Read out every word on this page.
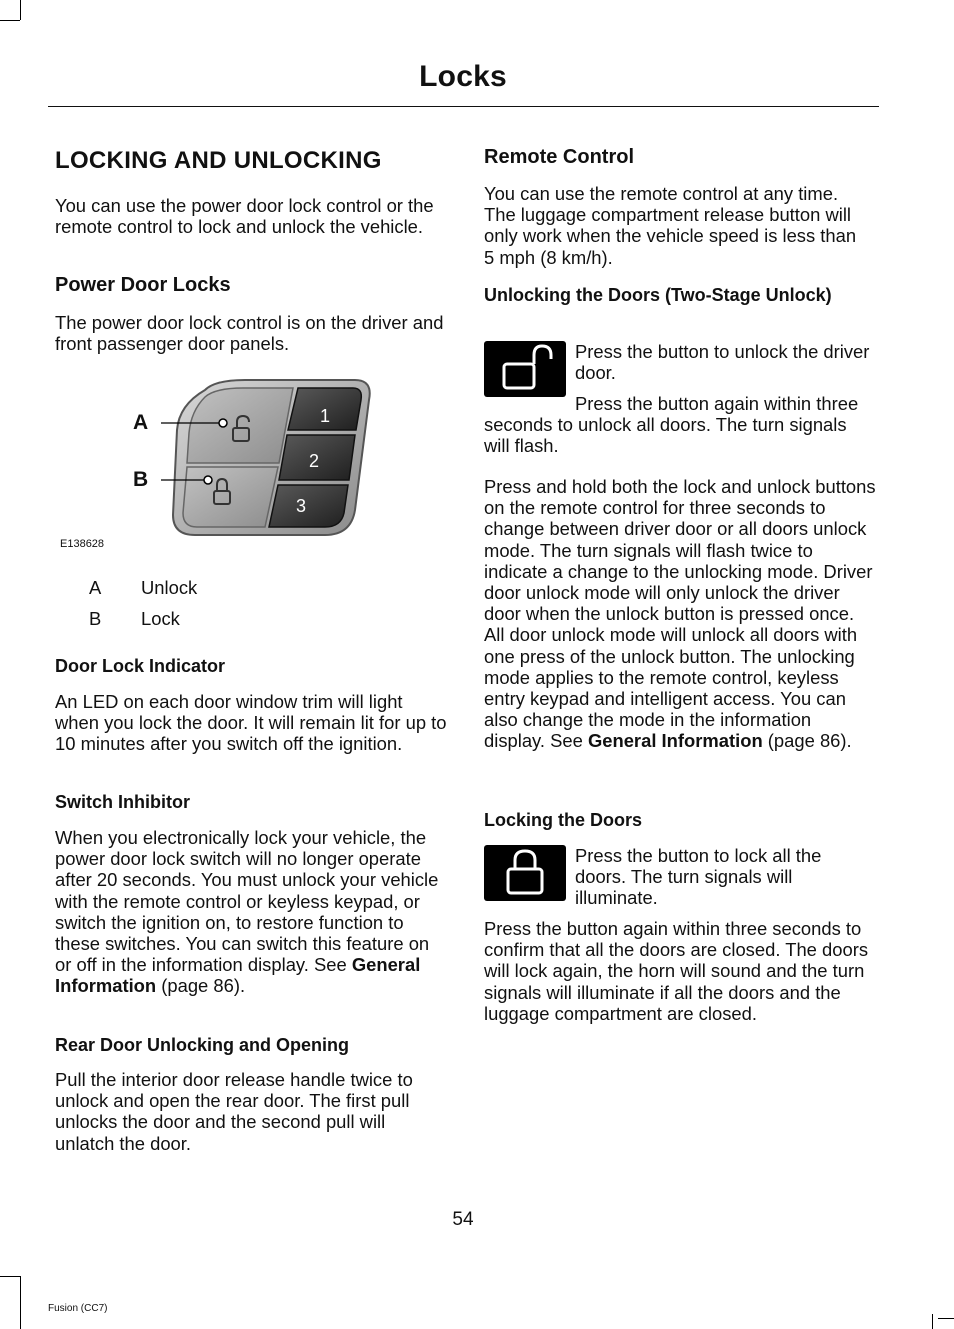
Locks
LOCKING AND UNLOCKING
You can use the power door lock control or the remote control to lock and unlock the vehicle.
Power Door Locks
The power door lock control is on the driver and front passenger door panels.
A
B
1
2
3
E138628
A Unlock
B Lock
Door Lock Indicator
An LED on each door window trim will light when you lock the door. It will remain lit for up to 10 minutes after you switch off the ignition.
Switch Inhibitor
When you electronically lock your vehicle, the power door lock switch will no longer operate after 20 seconds. You must unlock your vehicle with the remote control or keyless keypad, or switch the ignition on, to restore function to these switches. You can switch this feature on or off in the information display. See General Information (page 86).
Rear Door Unlocking and Opening
Pull the interior door release handle twice to unlock and open the rear door. The first pull unlocks the door and the second pull will unlatch the door.
Remote Control
You can use the remote control at any time. The luggage compartment release button will only work when the vehicle speed is less than 5 mph (8 km/h).
Unlocking the Doors (Two-Stage Unlock)
Press the button to unlock the driver door.
Press the button again within three seconds to unlock all doors. The turn signals will flash.
Press and hold both the lock and unlock buttons on the remote control for three seconds to change between driver door or all doors unlock mode. The turn signals will flash twice to indicate a change to the unlocking mode. Driver door unlock mode will only unlock the driver door when the unlock button is pressed once. All door unlock mode will unlock all doors with one press of the unlock button. The unlocking mode applies to the remote control, keyless entry keypad and intelligent access. You can also change the mode in the information display. See General Information (page 86).
Locking the Doors
Press the button to lock all the doors. The turn signals will illuminate.
Press the button again within three seconds to confirm that all the doors are closed. The doors will lock again, the horn will sound and the turn signals will illuminate if all the doors and the luggage compartment are closed.
54
Fusion (CC7)
